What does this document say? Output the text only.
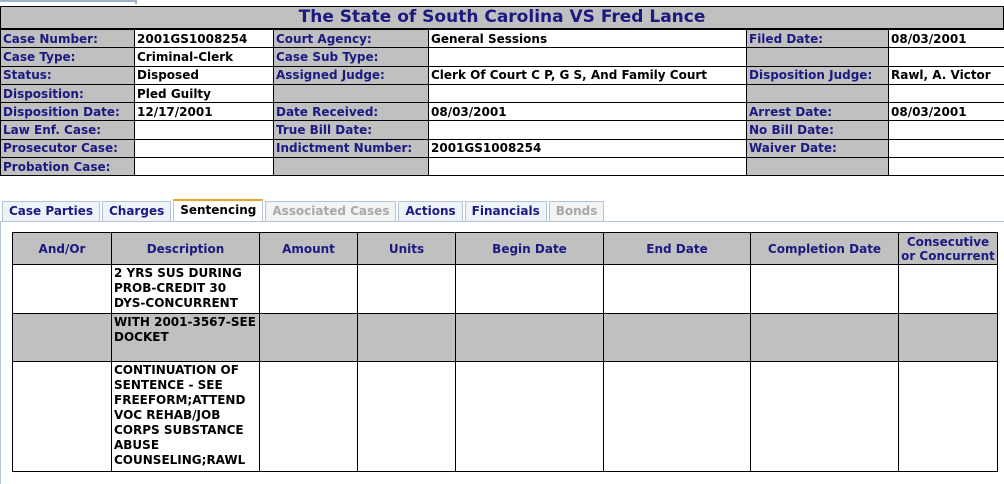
The State of South Carolina VS Fred Lance
Case Number:	2001GS1008254	Court Agency:	General Sessions	Filed Date:	08/03/2001
Case Type:	Criminal-Clerk	Case Sub Type:			
Status:	Disposed	Assigned Judge:	Clerk Of Court C P, G S, And Family Court	Disposition Judge:	Rawl, A. Victor
Disposition:	Pled Guilty				
Disposition Date:	12/17/2001	Date Received:	08/03/2001	Arrest Date:	08/03/2001
Law Enf. Case:		True Bill Date:		No Bill Date:	
Prosecutor Case:		Indictment Number:	2001GS1008254	Waiver Date:	
Probation Case:					
Case Parties	Charges	Sentencing	Associated Cases	Actions	Financials	Bonds
And/Or	Description	Amount	Units	Begin Date	End Date	Completion Date	Consecutive or Concurrent
	2 YRS SUS DURING PROB-CREDIT 30 DYS-CONCURRENT						
	WITH 2001-3567-SEE DOCKET						
	CONTINUATION OF SENTENCE - SEE FREEFORM;ATTEND VOC REHAB/JOB CORPS SUBSTANCE ABUSE COUNSELING;RAWL						
